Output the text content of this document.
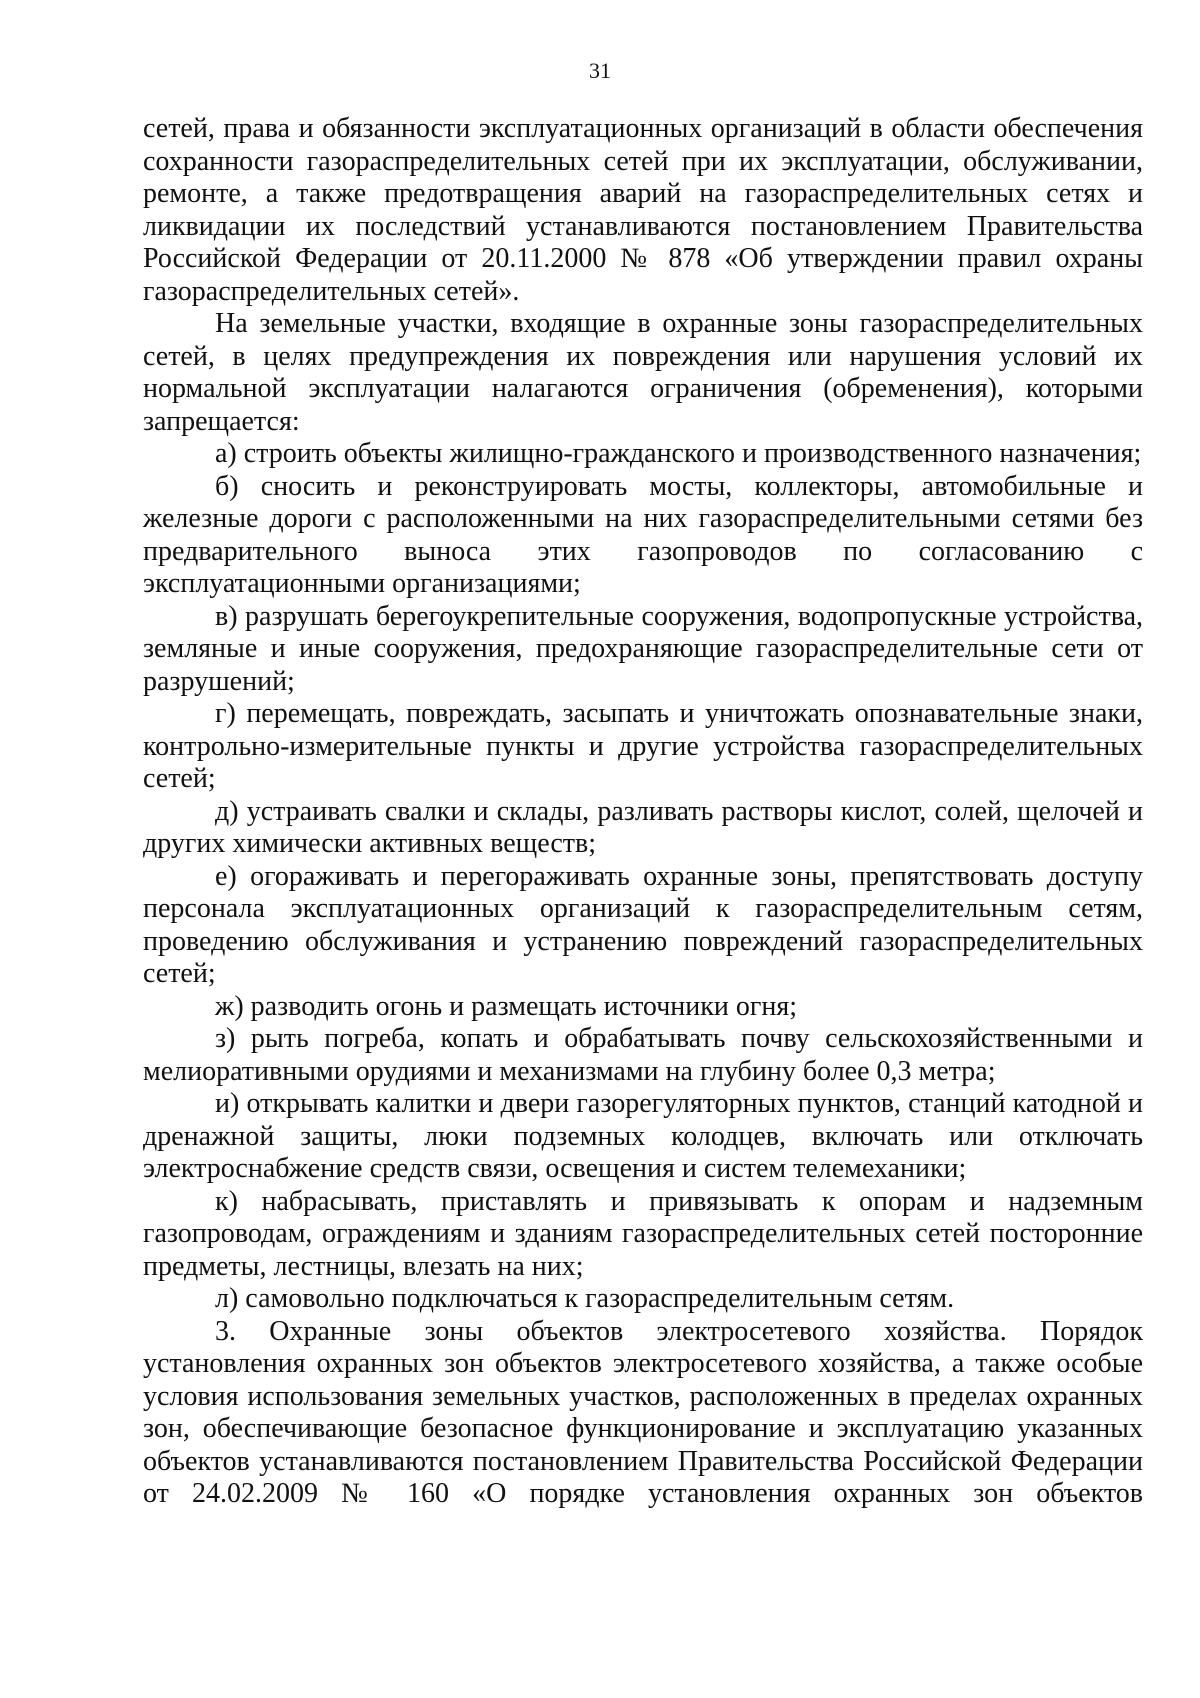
31

сетей, права и обязанности эксплуатационных организаций в области обеспечения сохранности газораспределительных сетей при их эксплуатации, обслуживании, ремонте, а также предотвращения аварий на газораспределительных сетях и ликвидации их последствий устанавливаются постановлением Правительства Российской Федерации от 20.11.2000 № 878 «Об утверждении правил охраны газораспределительных сетей».

На земельные участки, входящие в охранные зоны газораспределительных сетей, в целях предупреждения их повреждения или нарушения условий их нормальной эксплуатации налагаются ограничения (обременения), которыми запрещается:

а) строить объекты жилищно-гражданского и производственного назначения;

б) сносить и реконструировать мосты, коллекторы, автомобильные и железные дороги с расположенными на них газораспределительными сетями без предварительного выноса этих газопроводов по согласованию с эксплуатационными организациями;

в) разрушать берегоукрепительные сооружения, водопропускные устройства, земляные и иные сооружения, предохраняющие газораспределительные сети от разрушений;

г) перемещать, повреждать, засыпать и уничтожать опознавательные знаки, контрольно-измерительные пункты и другие устройства газораспределительных сетей;

д) устраивать свалки и склады, разливать растворы кислот, солей, щелочей и других химически активных веществ;

е) огораживать и перегораживать охранные зоны, препятствовать доступу персонала эксплуатационных организаций к газораспределительным сетям, проведению обслуживания и устранению повреждений газораспределительных сетей;

ж) разводить огонь и размещать источники огня;

з) рыть погреба, копать и обрабатывать почву сельскохозяйственными и мелиоративными орудиями и механизмами на глубину более 0,3 метра;

и) открывать калитки и двери газорегуляторных пунктов, станций катодной и дренажной защиты, люки подземных колодцев, включать или отключать электроснабжение средств связи, освещения и систем телемеханики;

к) набрасывать, приставлять и привязывать к опорам и надземным газопроводам, ограждениям и зданиям газораспределительных сетей посторонние предметы, лестницы, влезать на них;

л) самовольно подключаться к газораспределительным сетям.

3. Охранные зоны объектов электросетевого хозяйства. Порядок установления охранных зон объектов электросетевого хозяйства, а также особые условия использования земельных участков, расположенных в пределах охранных зон, обеспечивающие безопасное функционирование и эксплуатацию указанных объектов устанавливаются постановлением Правительства Российской Федерации от 24.02.2009 № 160 «О порядке установления охранных зон объектов
